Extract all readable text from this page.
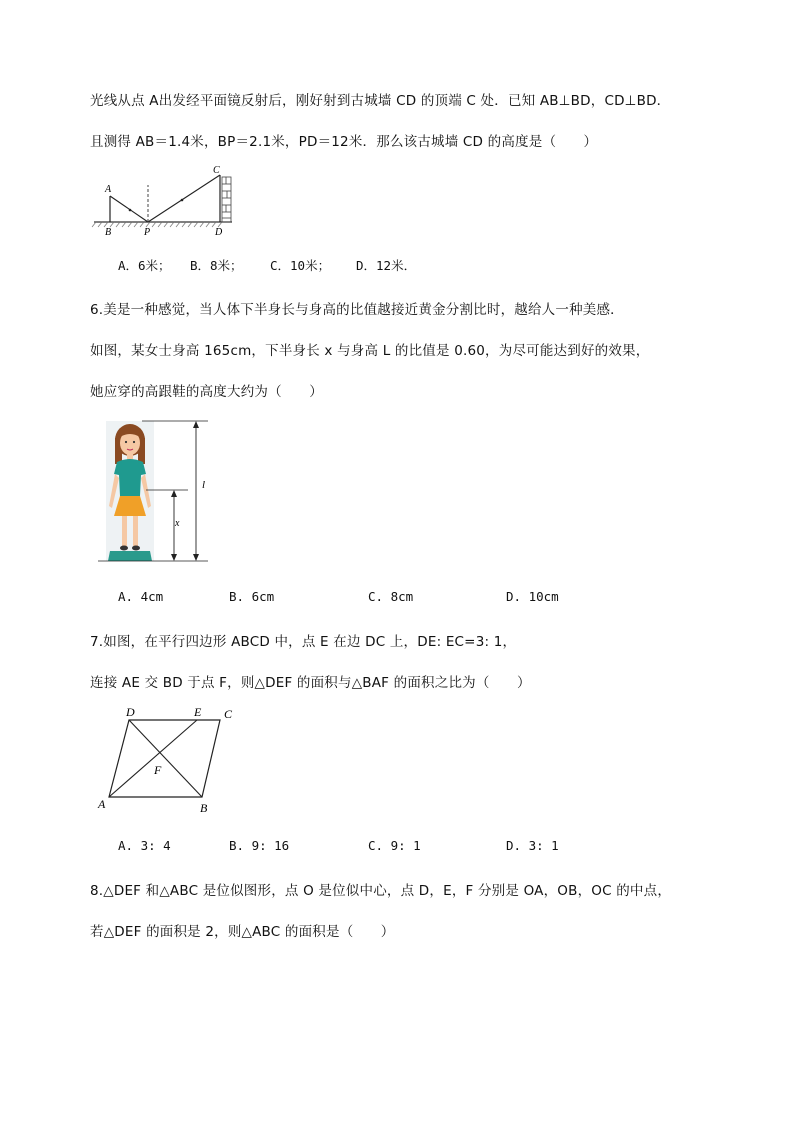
光线从点 A出发经平面镜反射后，刚好射到古城墙 CD 的顶端 C 处．已知 AB⊥BD，CD⊥BD．
且测得 AB＝1.4米，BP＝2.1米，PD＝12米．那么该古城墙 CD 的高度是（　　）
A
B	P
C
D
A．6米； B．8米； C．10米； D．12米．
6.美是一种感觉，当人体下半身长与身高的比值越接近黄金分割比时，越给人一种美感．
如图，某女士身高 165cm，下半身长 x 与身高 L 的比值是 0.60，为尽可能达到好的效果，
她应穿的高跟鞋的高度大约为（　　）
l
x
A. 4cm	B. 6cm	C. 8cm	D. 10cm
7.如图，在平行四边形 ABCD 中，点 E 在边 DC 上，DE: EC=3: 1，
连接 AE 交 BD 于点 F，则△DEF 的面积与△BAF 的面积之比为（　　）
D	E C
F
A	B
A. 3: 4	B. 9: 16	C. 9: 1	D. 3: 1
8.△DEF 和△ABC 是位似图形，点 O 是位似中心，点 D，E，F 分别是 OA，OB，OC 的中点，
若△DEF 的面积是 2，则△ABC 的面积是（　　）
